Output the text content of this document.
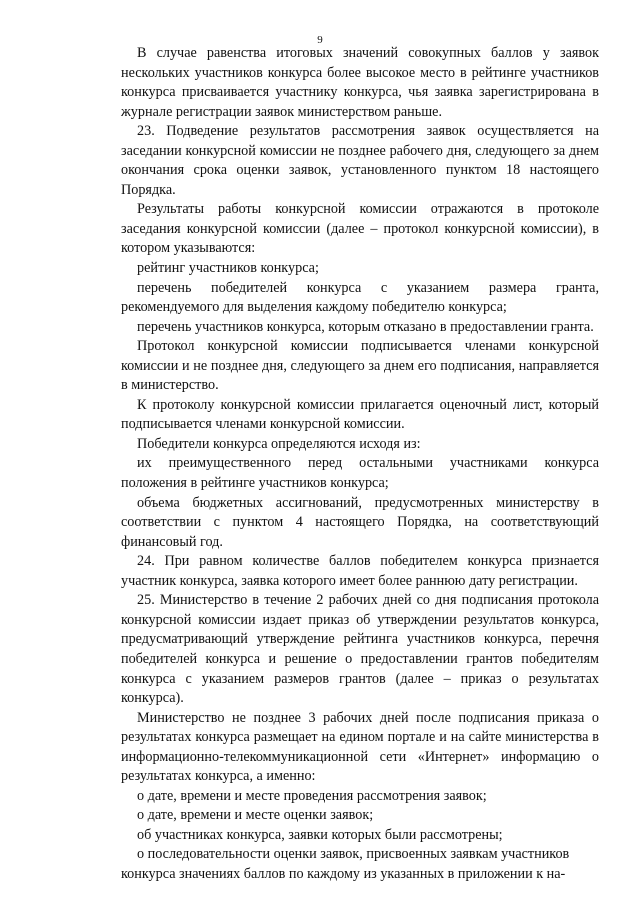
9

В случае равенства итоговых значений совокупных баллов у заявок нескольких участников конкурса более высокое место в рейтинге участников конкурса присваивается участнику конкурса, чья заявка зарегистрирована в журнале регистрации заявок министерством раньше.

23. Подведение результатов рассмотрения заявок осуществляется на заседании конкурсной комиссии не позднее рабочего дня, следующего за днем окончания срока оценки заявок, установленного пунктом 18 настоящего Порядка.

Результаты работы конкурсной комиссии отражаются в протоколе заседания конкурсной комиссии (далее – протокол конкурсной комиссии), в котором указываются:

рейтинг участников конкурса;

перечень победителей конкурса с указанием размера гранта, рекомендуемого для выделения каждому победителю конкурса;

перечень участников конкурса, которым отказано в предоставлении гранта.

Протокол конкурсной комиссии подписывается членами конкурсной комиссии и не позднее дня, следующего за днем его подписания, направляется в министерство.

К протоколу конкурсной комиссии прилагается оценочный лист, который подписывается членами конкурсной комиссии.

Победители конкурса определяются исходя из:

их преимущественного перед остальными участниками конкурса положения в рейтинге участников конкурса;

объема бюджетных ассигнований, предусмотренных министерству в соответствии с пунктом 4 настоящего Порядка, на соответствующий финансовый год.

24. При равном количестве баллов победителем конкурса признается участник конкурса, заявка которого имеет более раннюю дату регистрации.

25. Министерство в течение 2 рабочих дней со дня подписания протокола конкурсной комиссии издает приказ об утверждении результатов конкурса, предусматривающий утверждение рейтинга участников конкурса, перечня победителей конкурса и решение о предоставлении грантов победителям конкурса с указанием размеров грантов (далее – приказ о результатах конкурса).

Министерство не позднее 3 рабочих дней после подписания приказа о результатах конкурса размещает на едином портале и на сайте министерства в информационно-телекоммуникационной сети «Интернет» информацию о результатах конкурса, а именно:

о дате, времени и месте проведения рассмотрения заявок;

о дате, времени и месте оценки заявок;

об участниках конкурса, заявки которых были рассмотрены;

о последовательности оценки заявок, присвоенных заявкам участников

конкурса значениях баллов по каждому из указанных в приложении к на-
